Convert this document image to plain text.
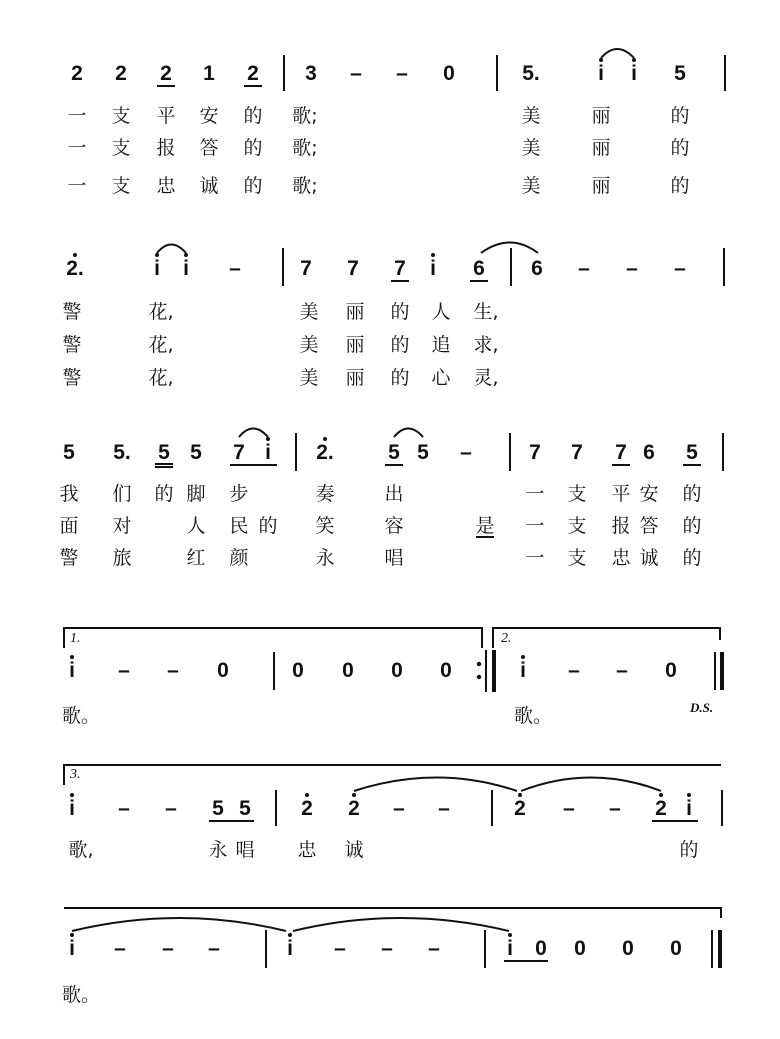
2 2 2 1 2 3 – – 0	5.	i	i	5
一 支 平 安 的	歌;	美	丽	的
一 支 报 答 的	歌;	美	丽	的
一 支 忠 诚 的	歌;	美	丽	的
2.	i	i	–	7 7 7	i	6 6 – – –
警	花,	美 丽 的 人 生,
警	花,	美 丽 的 追 求,
警	花,	美 丽 的 心 灵,
5 5. 5 5 7 i	2.	5 5 –	7 7 7 6 5
我 们 的 脚 步	奏	出	一 支 平 安 的
面 对	人 民 的 笑	容	是 一 支 报 答 的
警 旅	红 颜	永	唱	一 支 忠 诚 的
1.	2.
i	– – 0	0 0 0 0	i	– – 0
歌。	歌。	D.S.
3.
i	– – 5 5 2 2 – –	2 – – 2 i
歌,	永 唱 忠 诚	的
i	– – –	i	– – –	i	0 0 0 0
歌。
